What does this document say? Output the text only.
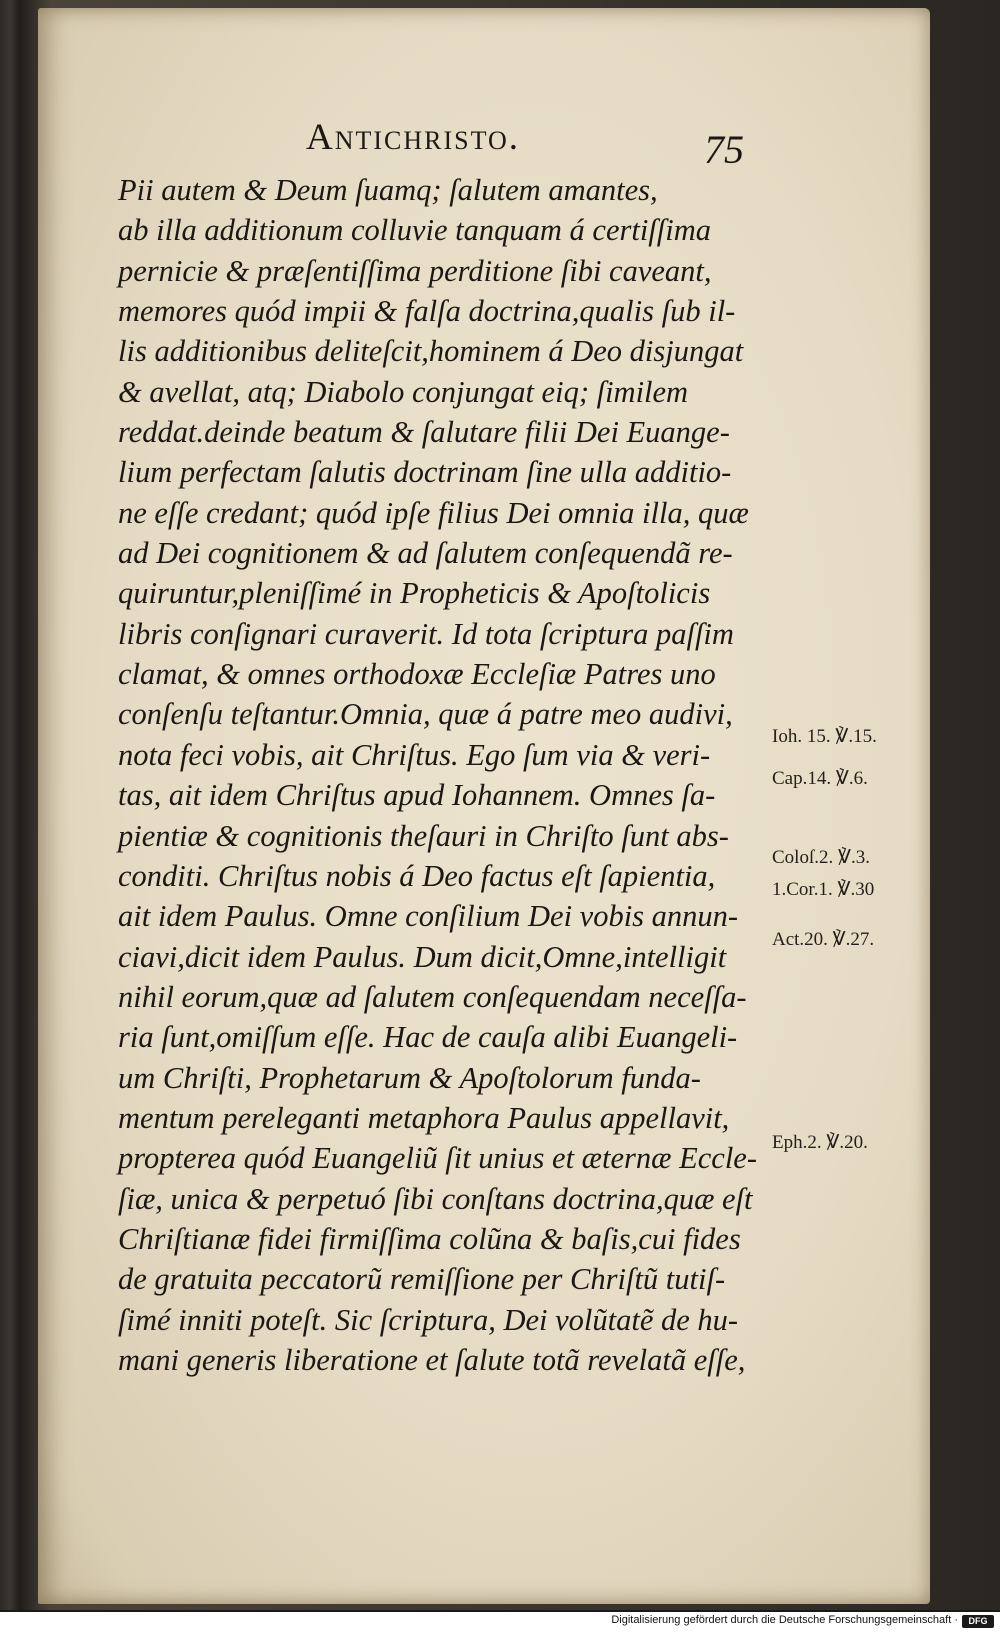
Antichristo.	75
Pii autem & Deum ſuamq; ſalutem amantes,
ab illa additionum colluvie tanquam á certiſſima
pernicie & præſentiſſima perditione ſibi caveant,
memores quód impii & falſa doctrina,qualis ſub il-
lis additionibus deliteſcit,hominem á Deo disjungat
& avellat, atq; Diabolo conjungat eiq; ſimilem
reddat.deinde beatum & ſalutare filii Dei Euange-
lium perfectam ſalutis doctrinam ſine ulla additio-
ne eſſe credant; quód ipſe filius Dei omnia illa, quæ
ad Dei cognitionem & ad ſalutem conſequendã re-
quiruntur,pleniſſimé in Propheticis & Apoſtolicis
libris conſignari curaverit. Id tota ſcriptura paſſim
clamat, & omnes orthodoxæ Eccleſiæ Patres uno
conſenſu teſtantur.Omnia, quæ á patre meo audivi,
nota feci vobis, ait Chriſtus. Ego ſum via & veri-
tas, ait idem Chriſtus apud Iohannem. Omnes ſa-
pientiæ & cognitionis theſauri in Chriſto ſunt abs-
conditi. Chriſtus nobis á Deo factus eſt ſapientia,
ait idem Paulus. Omne conſilium Dei vobis annun-
ciavi,dicit idem Paulus. Dum dicit,Omne,intelligit
nihil eorum,quæ ad ſalutem conſequendam neceſſa-
ria ſunt,omiſſum eſſe. Hac de cauſa alibi Euangeli-
um Chriſti, Prophetarum & Apoſtolorum funda-
mentum pereleganti metaphora Paulus appellavit,
propterea quód Euangeliũ ſit unius et æternæ Eccle-
ſiæ, unica & perpetuó ſibi conſtans doctrina,quæ eſt
Chriſtianæ fidei firmiſſima colũna & baſis,cui fides
de gratuita peccatorũ remiſſione per Chriſtũ tutiſ-
ſimé inniti poteſt. Sic ſcriptura, Dei volũtatẽ de hu-
mani generis liberatione et ſalute totã revelatã eſſe,
Ioh. 15. ℣.15.
Cap.14. ℣.6.
Coloſ.2. ℣.3.
1.Cor.1. ℣.30
Act.20. ℣.27.
Eph.2. ℣.20.
Digitalisierung gefördert durch die Deutsche Forschungsgemeinschaft ·	DFG
